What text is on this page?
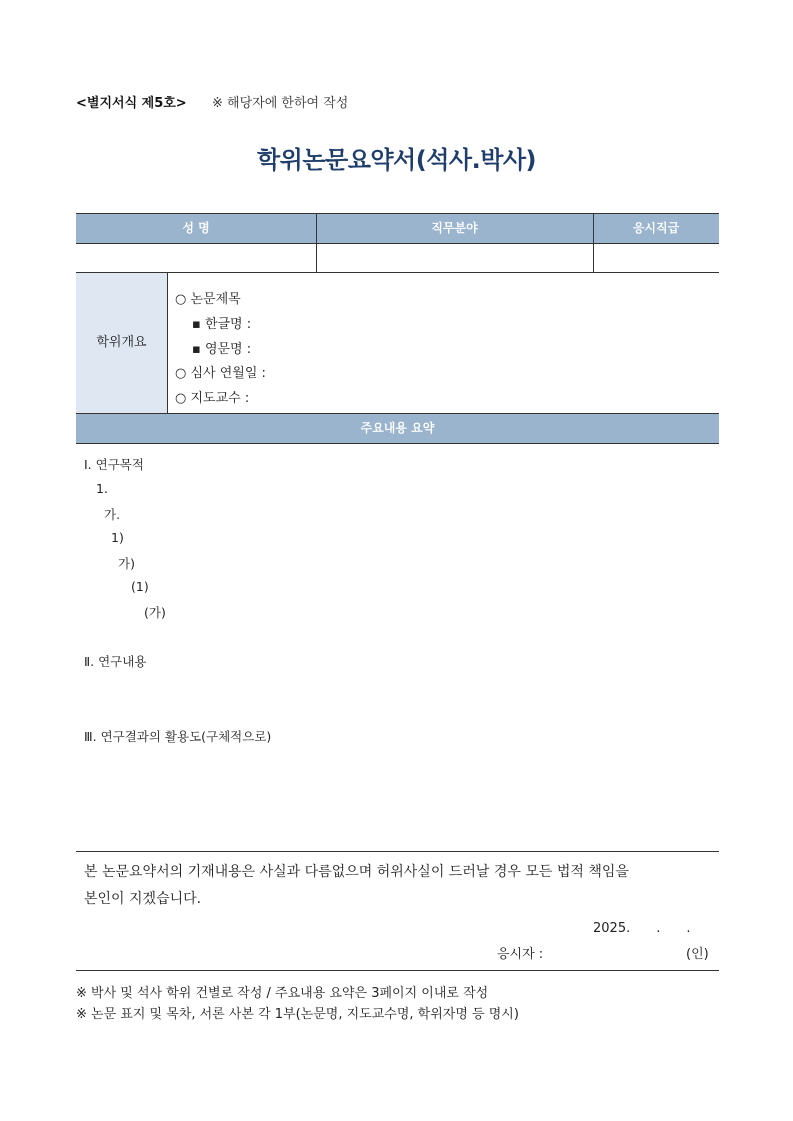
<별지서식 제5호> ※ 해당자에 한하여 작성
학위논문요약서(석사.박사)
성 명	직무분야	응시직급
학위개요
○ 논문제목
▪ 한글명 :
▪ 영문명 :
○ 심사 연월일 :
○ 지도교수 :
주요내용 요약
Ⅰ. 연구목적
1.
가.
1)
가)
(1)
(가)
Ⅱ. 연구내용
Ⅲ. 연구결과의 활용도(구체적으로)
본 논문요약서의 기재내용은 사실과 다름없으며 허위사실이 드러날 경우 모든 법적 책임을
본인이 지겠습니다.
2025.　　.　　.
응시자 :	(인)
※ 박사 및 석사 학위 건별로 작성 / 주요내용 요약은 3페이지 이내로 작성
※ 논문 표지 및 목차, 서론 사본 각 1부(논문명, 지도교수명, 학위자명 등 명시)
